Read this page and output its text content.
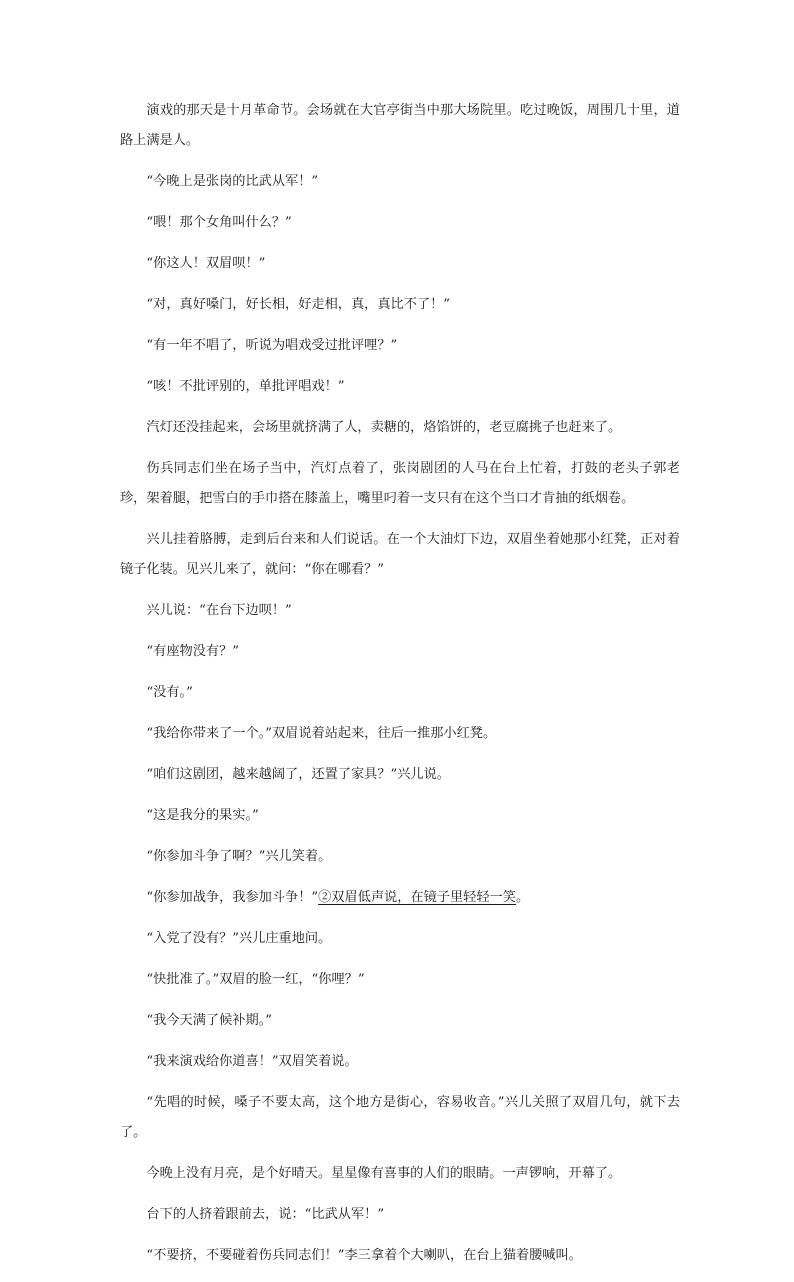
演戏的那天是十月革命节。会场就在大官亭街当中那大场院里。吃过晚饭，周围几十里，道路上满是人。

“今晚上是张岗的比武从军！”

“喂！那个女角叫什么？”

“你这人！双眉呗！”

“对，真好嗓门，好长相，好走相，真，真比不了！”

“有一年不唱了，听说为唱戏受过批评哩？”

“咳！不批评别的，单批评唱戏！”

汽灯还没挂起来，会场里就挤满了人，卖糖的，烙馅饼的，老豆腐挑子也赶来了。

伤兵同志们坐在场子当中，汽灯点着了，张岗剧团的人马在台上忙着，打鼓的老头子郭老珍，架着腿，把雪白的手巾搭在膝盖上，嘴里叼着一支只有在这个当口才肯抽的纸烟卷。

兴儿挂着胳膊，走到后台来和人们说话。在一个大油灯下边，双眉坐着她那小红凳，正对着镜子化装。见兴儿来了，就问：“你在哪看？”

兴儿说：“在台下边呗！”

“有座物没有？”

“没有。”

“我给你带来了一个。”双眉说着站起来，往后一推那小红凳。

“咱们这剧团，越来越阔了，还置了家具？”兴儿说。

“这是我分的果实。”

“你参加斗争了啊？”兴儿笑着。

“你参加战争，我参加斗争！”②双眉低声说，在镜子里轻轻一笑。

“入党了没有？”兴儿庄重地问。

“快批准了。”双眉的脸一红，“你哩？”

“我今天满了候补期。”

“我来演戏给你道喜！”双眉笑着说。

“先唱的时候，嗓子不要太高，这个地方是街心，容易收音。”兴儿关照了双眉几句，就下去了。

今晚上没有月亮，是个好晴天。星星像有喜事的人们的眼睛。一声锣响，开幕了。

台下的人挤着跟前去，说：“比武从军！”

“不要挤，不要碰着伤兵同志们！”李三拿着个大喇叭，在台上猫着腰喊叫。
